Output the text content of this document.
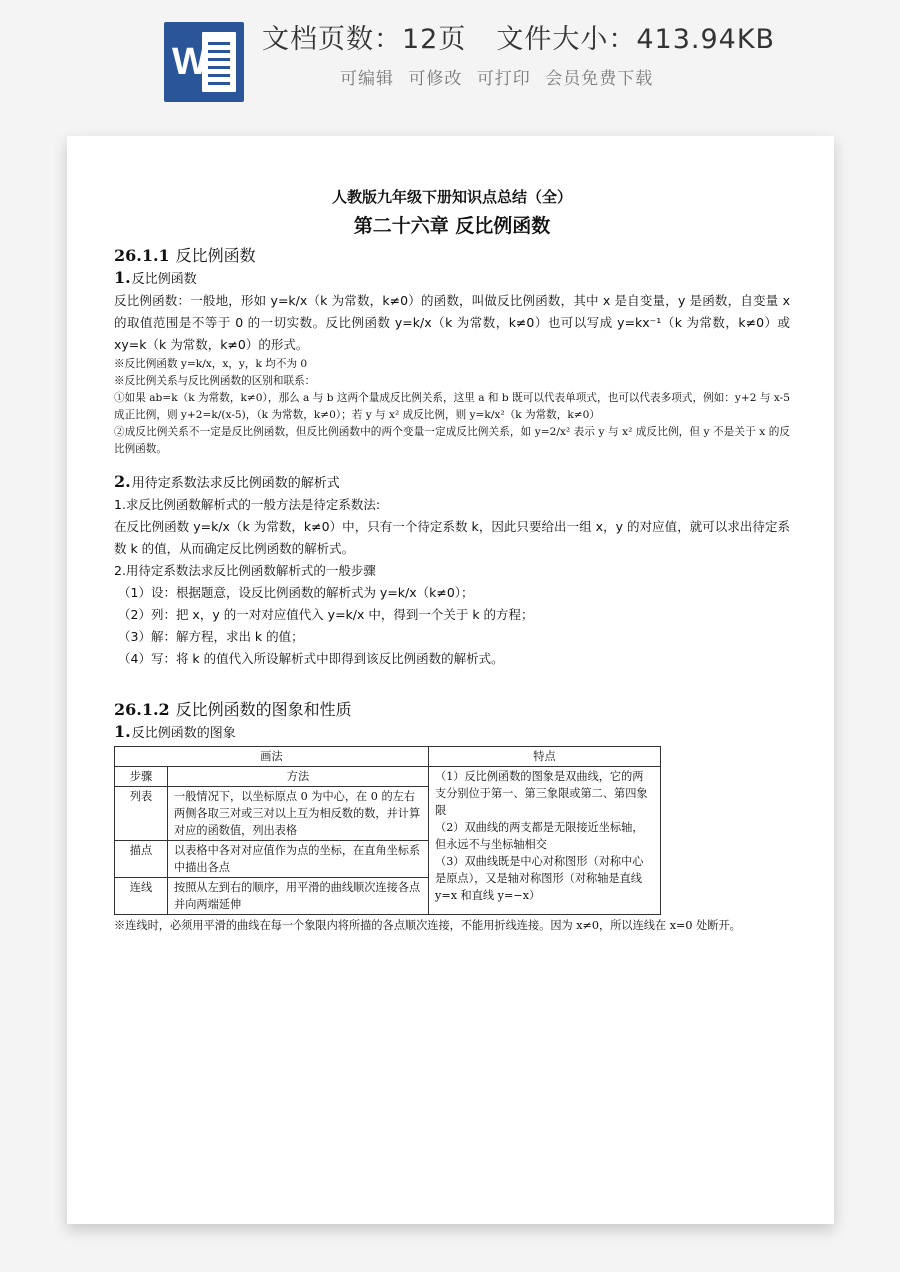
W
文档页数：12页 文件大小：413.94KB
可编辑 可修改 可打印 会员免费下载

人教版九年级下册知识点总结（全）

第二十六章 反比例函数

26.1.1 反比例函数

1.反比例函数

反比例函数：一般地，形如 y=k/x（k 为常数，k≠0）的函数，叫做反比例函数，其中 x 是自变量，y 是函数，自变量 x 的取值范围是不等于 0 的一切实数。反比例函数 y=k/x（k 为常数，k≠0）也可以写成 y=kx⁻¹（k 为常数，k≠0）或 xy=k（k 为常数，k≠0）的形式。

※反比例函数 y=k/x，x，y，k 均不为 0

※反比例关系与反比例函数的区别和联系：

①如果 ab=k（k 为常数，k≠0），那么 a 与 b 这两个量成反比例关系，这里 a 和 b 既可以代表单项式，也可以代表多项式，例如：y+2 与 x-5 成正比例，则 y+2=k/(x-5)，（k 为常数，k≠0）；若 y 与 x² 成反比例，则 y=k/x²（k 为常数，k≠0）

②成反比例关系不一定是反比例函数，但反比例函数中的两个变量一定成反比例关系，如 y=2/x² 表示 y 与 x² 成反比例，但 y 不是关于 x 的反比例函数。

2.用待定系数法求反比例函数的解析式

1.求反比例函数解析式的一般方法是待定系数法:

在反比例函数 y=k/x（k 为常数，k≠0）中，只有一个待定系数 k，因此只要给出一组 x，y 的对应值，就可以求出待定系数 k 的值，从而确定反比例函数的解析式。

2.用待定系数法求反比例函数解析式的一般步骤

（1）设：根据题意，设反比例函数的解析式为 y=k/x（k≠0）；

（2）列：把 x，y 的一对对应值代入 y=k/x 中，得到一个关于 k 的方程；

（3）解：解方程，求出 k 的值；

（4）写：将 k 的值代入所设解析式中即得到该反比例函数的解析式。

26.1.2 反比例函数的图象和性质

1.反比例函数的图象

画法		特点
步骤	方法	（1）反比例函数的图象是双曲线，它的两支分别位于第一、第三象限或第二、第四象限
（2）双曲线的两支都是无限接近坐标轴，但永远不与坐标轴相交
（3）双曲线既是中心对称图形（对称中心是原点），又是轴对称图形（对称轴是直线 y=x 和直线 y=−x）
列表	一般情况下，以坐标原点 0 为中心，在 0 的左右两侧各取三对或三对以上互为相反数的数，并计算对应的函数值，列出表格	
描点	以表格中各对对应值作为点的坐标，在直角坐标系中描出各点	
连线	按照从左到右的顺序，用平滑的曲线顺次连接各点并向两端延伸	

※连线时，必须用平滑的曲线在每一个象限内将所描的各点顺次连接，不能用折线连接。因为 x≠0，所以连线在 x=0 处断开。
